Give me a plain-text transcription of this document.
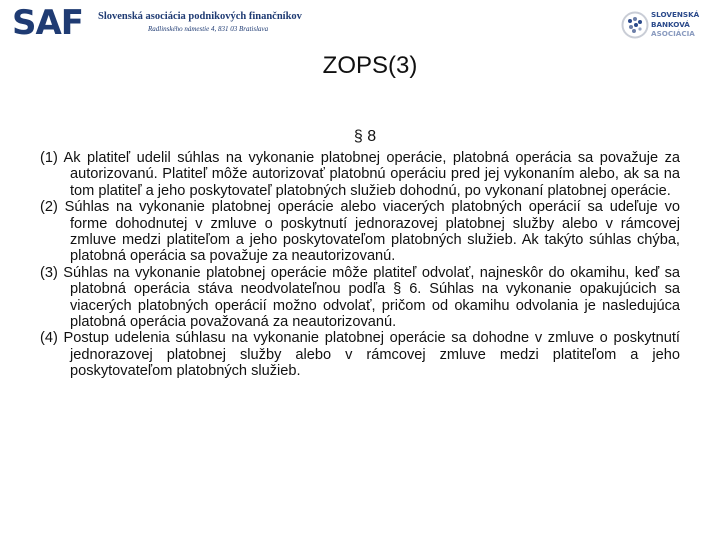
SAF Slovenská asociácia podnikových finančníkov
Radlinského námestie 4, 831 03 Bratislava
SLOVENSKÁ
BANKOVÁ
ASOCIÁCIA
ZOPS(3)
§ 8

(1) Ak platiteľ udelil súhlas na vykonanie platobnej operácie, platobná operácia sa považuje za autorizovanú. Platiteľ môže autorizovať platobnú operáciu pred jej vykonaním alebo, ak sa na tom platiteľ a jeho poskytovateľ platobných služieb dohodnú, po vykonaní platobnej operácie.

(2) Súhlas na vykonanie platobnej operácie alebo viacerých platobných operácií sa udeľuje vo forme dohodnutej v zmluve o poskytnutí jednorazovej platobnej služby alebo v rámcovej zmluve medzi platiteľom a jeho poskytovateľom platobných služieb. Ak takýto súhlas chýba, platobná operácia sa považuje za neautorizovanú.

(3) Súhlas na vykonanie platobnej operácie môže platiteľ odvolať, najneskôr do okamihu, keď sa platobná operácia stáva neodvolateľnou podľa § 6. Súhlas na vykonanie opakujúcich sa viacerých platobných operácií možno odvolať, pričom od okamihu odvolania je nasledujúca platobná operácia považovaná za neautorizovanú.

(4) Postup udelenia súhlasu na vykonanie platobnej operácie sa dohodne v zmluve o poskytnutí jednorazovej platobnej služby alebo v rámcovej zmluve medzi platiteľom a jeho poskytovateľom platobných služieb.
